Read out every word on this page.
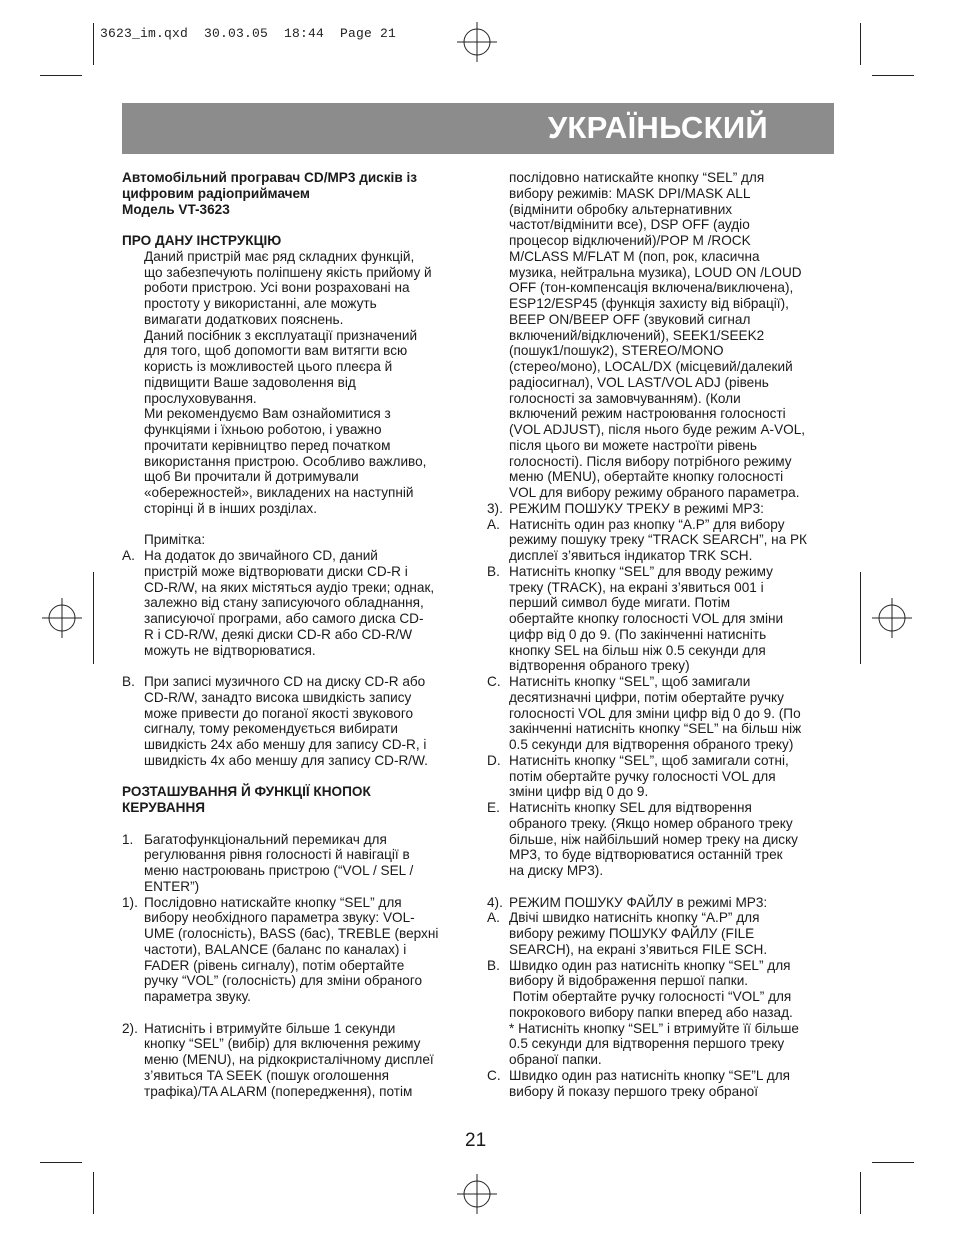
3623_im.qxd  30.03.05  18:44  Page 21
УКРАЇНЬСКИЙ
Автомобільний програвач CD/MP3 дисків із
цифровим радіоприймачем
Модель VT-3623
ПРО ДАНУ ІНСТРУКЦІЮ
Даний пристрій має ряд складних функцій,
що забезпечують поліпшену якість прийому й
роботи пристрою. Усі вони розраховані на
простоту у використанні, але можуть
вимагати додаткових пояснень.
Даний посібник з експлуатації призначений
для того, щоб допомогти вам витягти всю
користь із можливостей цього плеєра й
підвищити Ваше задоволення від
прослуховування.
Ми рекомендуємо Вам ознайомитися з
функціями і їхньою роботою, і уважно
прочитати керівництво перед початком
використання пристрою. Особливо важливо,
щоб Ви прочитали й дотримували
«обережностей», викладених на наступній
сторінці й в інших розділах.
Примітка:
A. На додаток до звичайного CD, даний
пристрій може відтворювати диски CD-R і
CD-R/W, на яких містяться аудіо треки; однак,
залежно від стану записуючого обладнання,
записуючої програми, або самого диска CD-
R і CD-R/W, деякі диски CD-R або CD-R/W
можуть не відтворюватися.
B. При записі музичного CD на диску CD-R або
CD-R/W, занадто висока швидкість запису
може привести до поганої якості звукового
сигналу, тому рекомендується вибирати
швидкість 24x або меншу для запису CD-R, і
швидкість 4x або меншу для запису CD-R/W.
РОЗТАШУВАННЯ Й ФУНКЦІЇ КНОПОК
КЕРУВАННЯ
1. Багатофункціональний перемикач для
регулювання рівня голосності й навігації в
меню настроювань пристрою (“VOL / SEL /
ENTER”)
1). Послідовно натискайте кнопку “SEL” для
вибору необхідного параметра звуку: VOL-
UME (голосність), BASS (бас), TREBLE (верхні
частоти), BALANCE (баланс по каналах) і
FADER (рівень сигналу), потім обертайте
ручку “VOL” (голосність) для зміни обраного
параметра звуку.
2). Натисніть і втримуйте більше 1 секунди
кнопку “SEL” (вибір) для включення режиму
меню (MENU), на рідкокристалічному дисплеї
з’явиться TA SEEK (пошук оголошення
трафіка)/TA ALARM (попередження), потім
послідовно натискайте кнопку “SEL” для
вибору режимів: MASK DPI/MASK ALL
(відмінити обробку альтернативних
частот/відмінити все), DSP OFF (аудіо
процесор відключений)/POP M /ROCK
M/CLASS M/FLAT M (поп, рок, класична
музика, нейтральна музика), LOUD ON /LOUD
OFF (тон-компенсація включена/виключена),
ESP12/ESP45 (функція захисту від вібрації),
BEEP ON/BEEP OFF (звуковий сигнал
включений/відключений), SEEK1/SEEK2
(пошук1/пошук2), STEREO/MONO
(стерео/моно), LOCAL/DX (місцевий/далекий
радіосигнал), VOL LAST/VOL ADJ (рівень
голосності за замовчуванням). (Коли
включений режим настроювання голосності
(VOL ADJUST), після нього буде режим A-VOL,
після цього ви можете настроїти рівень
голосності). Після вибору потрібного режиму
меню (MENU), обертайте кнопку голосності
VOL для вибору режиму обраного параметра.
3). РЕЖИМ ПОШУКУ ТРЕКУ в режимі MP3:
A. Натисніть один раз кнопку “A.P” для вибору
режиму пошуку треку “TRACK SEARCH”, на РК
дисплеї з’явиться індикатор TRK SCH.
B. Натисніть кнопку “SEL” для вводу режиму
треку (TRACK), на екрані з’явиться 001 і
перший символ буде мигати. Потім
обертайте кнопку голосності VOL для зміни
цифр від 0 до 9. (По закінченні натисніть
кнопку SEL на більш ніж 0.5 секунди для
відтворення обраного треку)
C. Натисніть кнопку “SEL”, щоб замигали
десятизначні цифри, потім обертайте ручку
голосності VOL для зміни цифр від 0 до 9. (По
закінченні натисніть кнопку “SEL” на більш ніж
0.5 секунди для відтворення обраного треку)
D. Натисніть кнопку “SEL”, щоб замигали сотні,
потім обертайте ручку голосності VOL для
зміни цифр від 0 до 9.
E. Натисніть кнопку SEL для відтворення
обраного треку. (Якщо номер обраного треку
більше, ніж найбільший номер треку на диску
MP3, то буде відтворюватися останній трек
на диску MP3).
4). РЕЖИМ ПОШУКУ ФАЙЛУ в режимі MP3:
A. Двічі швидко натисніть кнопку “A.P” для
вибору режиму ПОШУКУ ФАЙЛУ (FILE
SEARCH), на екрані з’явиться FILE SCH.
B. Швидко один раз натисніть кнопку “SEL” для
вибору й відображення першої папки.
Потім обертайте ручку голосності “VOL” для
покрокового вибору папки вперед або назад.
* Натисніть кнопку “SEL” і втримуйте її більше
0.5 секунди для відтворення першого треку
обраної папки.
C. Швидко один раз натисніть кнопку “SE”L для
вибору й показу першого треку обраної
21
